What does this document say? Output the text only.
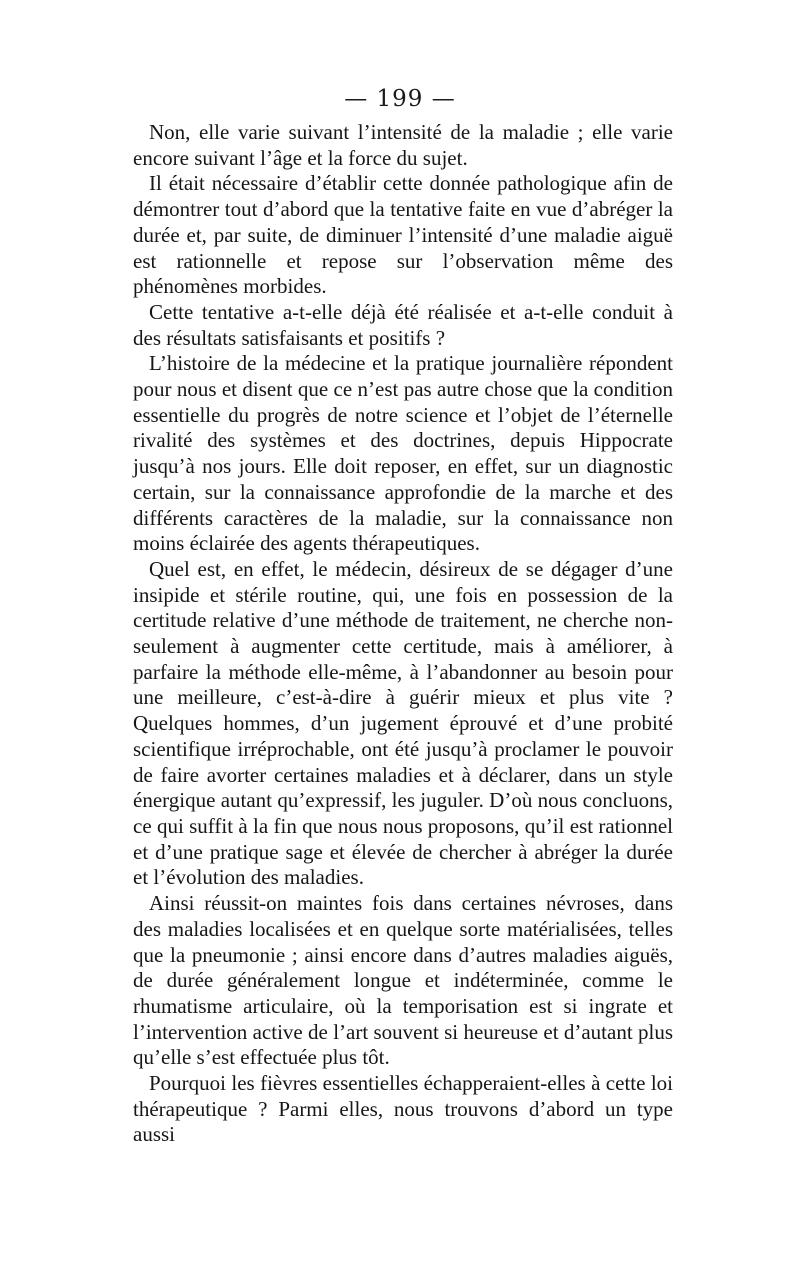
— 199 —

Non, elle varie suivant l’intensité de la maladie ; elle varie encore suivant l’âge et la force du sujet.

Il était nécessaire d’établir cette donnée pathologique afin de démontrer tout d’abord que la tentative faite en vue d’abréger la durée et, par suite, de diminuer l’intensité d’une maladie aiguë est rationnelle et repose sur l’observation même des phénomènes morbides.

Cette tentative a-t-elle déjà été réalisée et a-t-elle conduit à des résultats satisfaisants et positifs ?

L’histoire de la médecine et la pratique journalière répondent pour nous et disent que ce n’est pas autre chose que la condition essentielle du progrès de notre science et l’objet de l’éternelle rivalité des systèmes et des doctrines, depuis Hippocrate jusqu’à nos jours. Elle doit reposer, en effet, sur un diagnostic certain, sur la connaissance approfondie de la marche et des différents caractères de la maladie, sur la connaissance non moins éclairée des agents thérapeutiques.

Quel est, en effet, le médecin, désireux de se dégager d’une insipide et stérile routine, qui, une fois en possession de la certitude relative d’une méthode de traitement, ne cherche non-seulement à augmenter cette certitude, mais à améliorer, à parfaire la méthode elle-même, à l’abandonner au besoin pour une meilleure, c’est-à-dire à guérir mieux et plus vite ? Quelques hommes, d’un jugement éprouvé et d’une probité scientifique irréprochable, ont été jusqu’à proclamer le pouvoir de faire avorter certaines maladies et à déclarer, dans un style énergique autant qu’expressif, les juguler. D’où nous concluons, ce qui suffit à la fin que nous nous proposons, qu’il est rationnel et d’une pratique sage et élevée de chercher à abréger la durée et l’évolution des maladies.

Ainsi réussit-on maintes fois dans certaines névroses, dans des maladies localisées et en quelque sorte matérialisées, telles que la pneumonie ; ainsi encore dans d’autres maladies aiguës, de durée généralement longue et indéterminée, comme le rhumatisme articulaire, où la temporisation est si ingrate et l’intervention active de l’art souvent si heureuse et d’autant plus qu’elle s’est effectuée plus tôt.

Pourquoi les fièvres essentielles échapperaient-elles à cette loi thérapeutique ? Parmi elles, nous trouvons d’abord un type aussi
